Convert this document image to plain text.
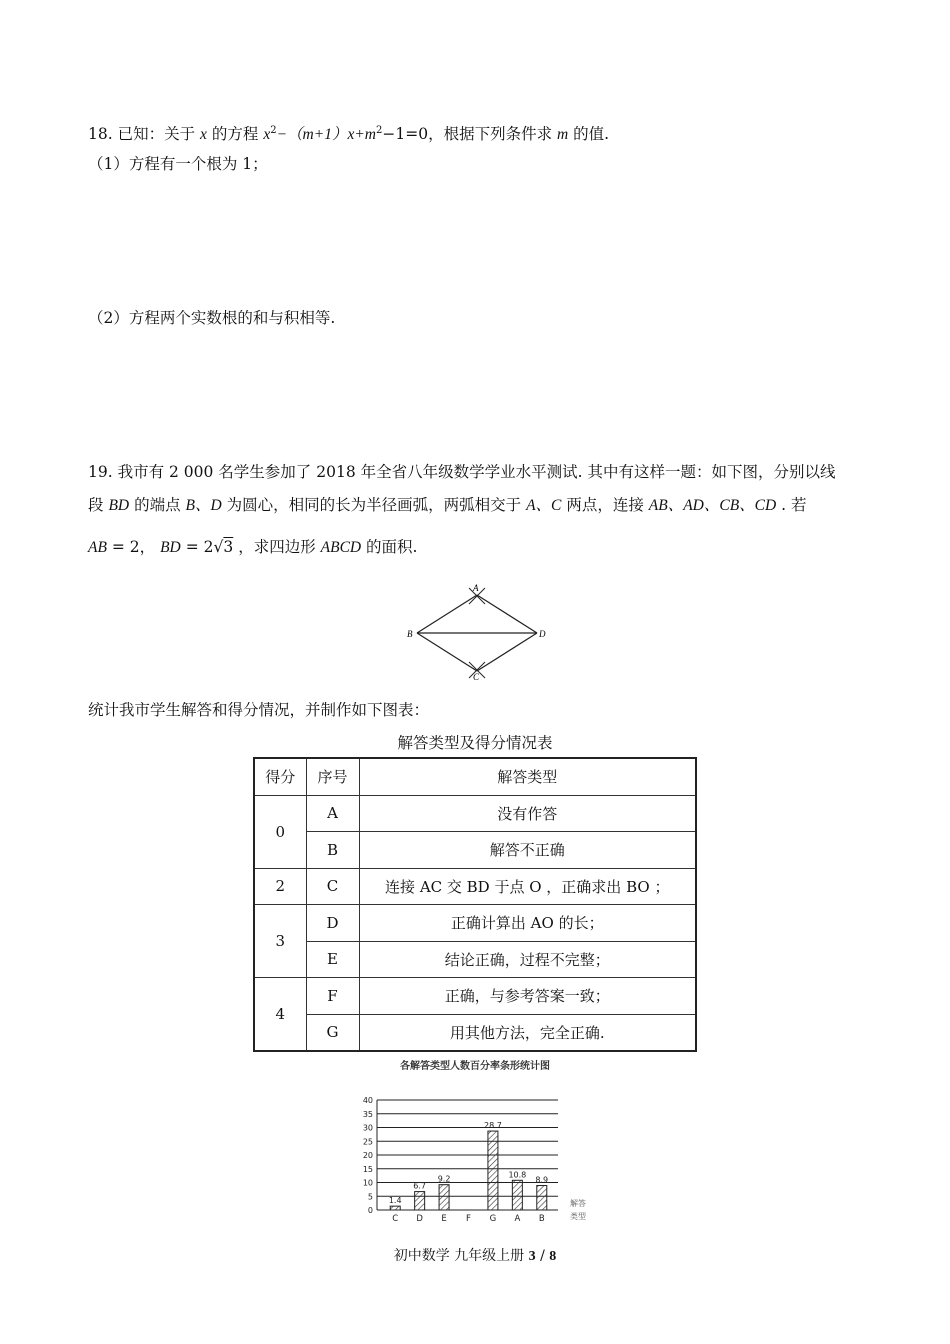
18. 已知：关于 x 的方程 $x^2-(m+1)x+m^2-1=0$，根据下列条件求 m 的值.
（1）方程有一个根为 1；
（2）方程两个实数根的和与积相等.
19. 我市有 2 000 名学生参加了 2018 年全省八年级数学学业水平测试. 其中有这样一题：如下图，分别以线
段 BD 的端点 B、D 为圆心，相同的长为半径画弧，两弧相交于 A、C 两点，连接 AB、AD、CB、CD . 若
AB = 2， BD = 2√3 ，求四边形 ABCD 的面积.
A
B
C
D
统计我市学生解答和得分情况，并制作如下图表：
解答类型及得分情况表
得分	序号	解答类型
0	A	没有作答
	B	解答不正确
2	C	连接 AC 交 BD 于点 O ，正确求出 BO ；
3	D	正确计算出 AO 的长；
	E	结论正确，过程不完整；
4	F	正确，与参考答案一致；
	G	用其他方法，完全正确.
各解答类型人数百分率条形统计图
0
5
10
15
20
25
30
35
40
1.4
C
6.7
D
9.2
E F
28.7
G
10.8
A
8.9
B
解答
类型
初中数学 九年级上册 3 / 8
